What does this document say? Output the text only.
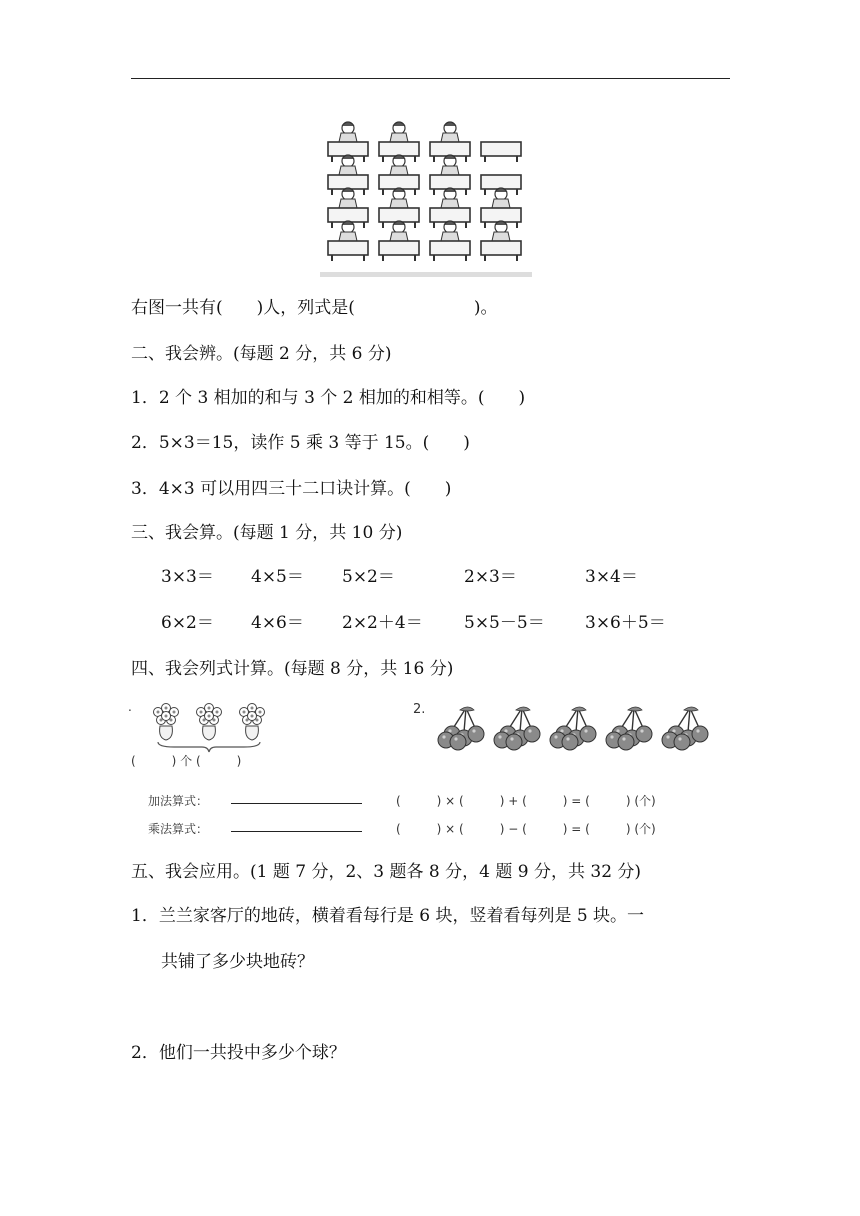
右图一共有(　　)人，列式是(　　　　　　　)。
二、我会辨。(每题 2 分，共 6 分)
1．2 个 3 相加的和与 3 个 2 相加的和相等。(　　)
2．5×3＝15，读作 5 乘 3 等于 15。(　　)
3．4×3 可以用四三十二口诀计算。(　　)
三、我会算。(每题 1 分，共 10 分)
3×3＝ 4×5＝ 5×2＝	2×3＝	3×4＝
6×2＝ 4×6＝ 2×2＋4＝ 5×5－5＝ 3×6＋5＝
四、我会列式计算。(每题 8 分，共 16 分)
.
(　　　) 个 (　　　)
加法算式：
乘法算式：
2.
(　　　) × (　　　) + (　　　) = (　　　) (个)
(　　　) × (　　　) − (　　　) = (　　　) (个)
五、我会应用。(1 题 7 分，2、3 题各 8 分，4 题 9 分，共 32 分)
1．兰兰家客厅的地砖，横着看每行是 6 块，竖着看每列是 5 块。一
共铺了多少块地砖？
2．他们一共投中多少个球？
